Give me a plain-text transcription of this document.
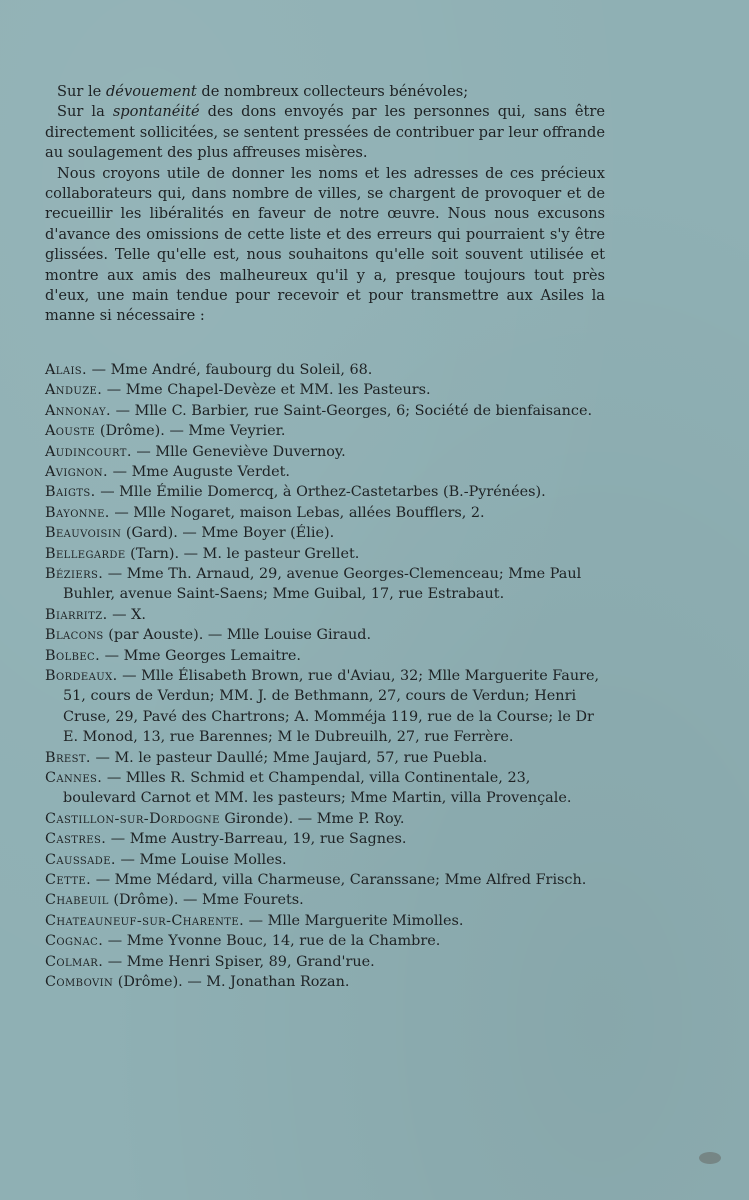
Sur le dévouement de nombreux collecteurs bénévoles;

Sur la spontanéité des dons envoyés par les personnes qui, sans être directement sollicitées, se sentent pressées de contribuer par leur offrande au soulagement des plus affreuses misères.

Nous croyons utile de donner les noms et les adresses de ces précieux collaborateurs qui, dans nombre de villes, se chargent de provoquer et de recueillir les libéralités en faveur de notre œuvre. Nous nous excusons d'avance des omissions de cette liste et des erreurs qui pourraient s'y être glissées. Telle qu'elle est, nous souhaitons qu'elle soit souvent utilisée et montre aux amis des malheureux qu'il y a, presque toujours tout près d'eux, une main tendue pour recevoir et pour transmettre aux Asiles la manne si nécessaire :

Alais. — Mme André, faubourg du Soleil, 68.
Anduze. — Mme Chapel-Devèze et MM. les Pasteurs.
Annonay. — Mlle C. Barbier, rue Saint-Georges, 6; Société de bienfaisance.
Aouste (Drôme). — Mme Veyrier.
Audincourt. — Mlle Geneviève Duvernoy.
Avignon. — Mme Auguste Verdet.
Baigts. — Mlle Émilie Domercq, à Orthez-Castetarbes (B.-Pyrénées).
Bayonne. — Mlle Nogaret, maison Lebas, allées Boufflers, 2.
Beauvoisin (Gard). — Mme Boyer (Élie).
Bellegarde (Tarn). — M. le pasteur Grellet.
Béziers. — Mme Th. Arnaud, 29, avenue Georges-Clemenceau; Mme Paul Buhler, avenue Saint-Saens; Mme Guibal, 17, rue Estrabaut.
Biarritz. — X.
Blacons (par Aouste). — Mlle Louise Giraud.
Bolbec. — Mme Georges Lemaitre.
Bordeaux. — Mlle Élisabeth Brown, rue d'Aviau, 32; Mlle Marguerite Faure, 51, cours de Verdun; MM. J. de Bethmann, 27, cours de Verdun; Henri Cruse, 29, Pavé des Chartrons; A. Momméja 119, rue de la Course; le Dr E. Monod, 13, rue Barennes; M le Dubreuilh, 27, rue Ferrère.
Brest. — M. le pasteur Daullé; Mme Jaujard, 57, rue Puebla.
Cannes. — Mlles R. Schmid et Champendal, villa Continentale, 23, boulevard Carnot et MM. les pasteurs; Mme Martin, villa Provençale.
Castillon-sur-Dordogne Gironde). — Mme P. Roy.
Castres. — Mme Austry-Barreau, 19, rue Sagnes.
Caussade. — Mme Louise Molles.
Cette. — Mme Médard, villa Charmeuse, Caranssane; Mme Alfred Frisch.
Chabeuil (Drôme). — Mme Fourets.
Chateauneuf-sur-Charente. — Mlle Marguerite Mimolles.
Cognac. — Mme Yvonne Bouc, 14, rue de la Chambre.
Colmar. — Mme Henri Spiser, 89, Grand'rue.
Combovin (Drôme). — M. Jonathan Rozan.
